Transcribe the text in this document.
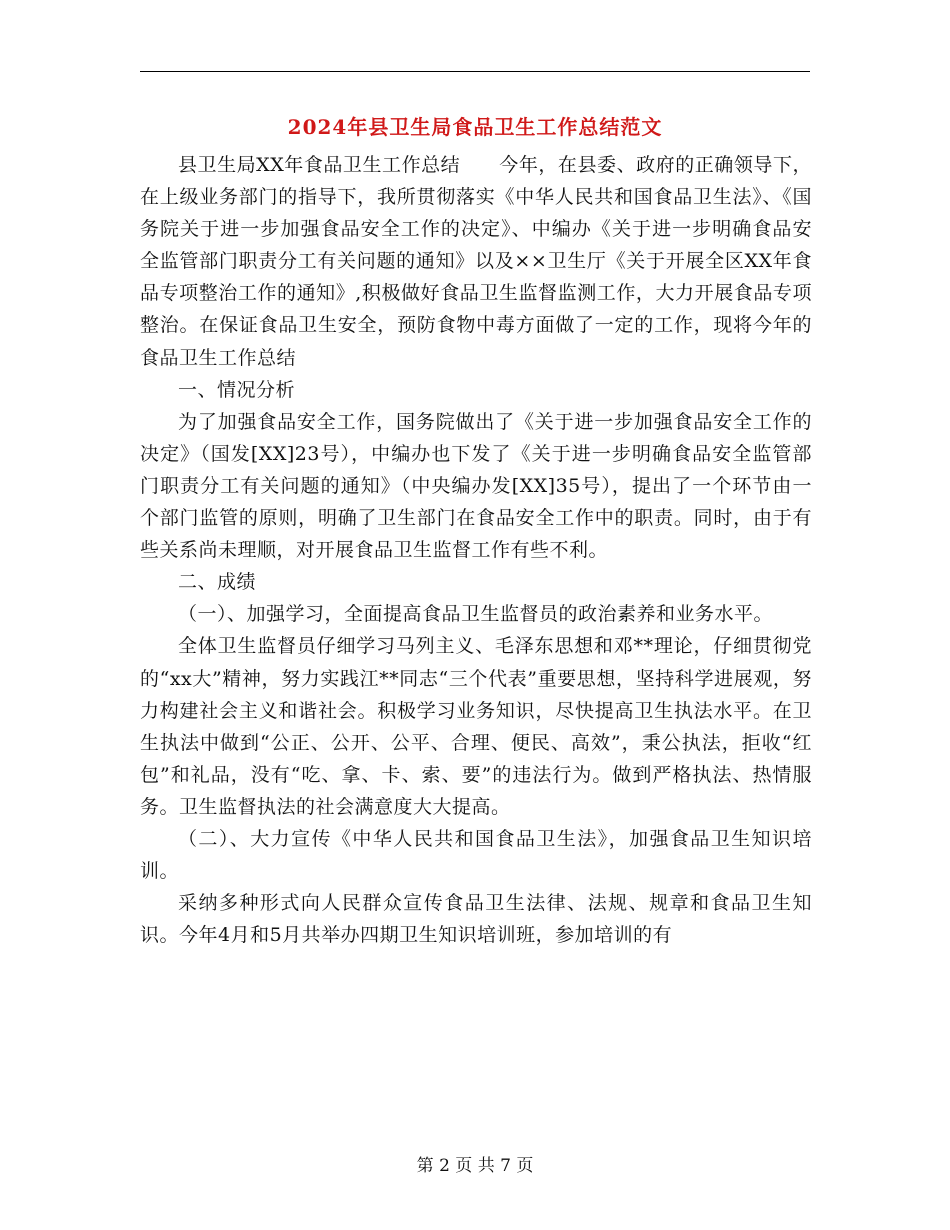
2024年县卫生局食品卫生工作总结范文

县卫生局XX年食品卫生工作总结　　今年，在县委、政府的正确领导下，在上级业务部门的指导下，我所贯彻落实《中华人民共和国食品卫生法》、《国务院关于进一步加强食品安全工作的决定》、中编办《关于进一步明确食品安全监管部门职责分工有关问题的通知》以及××卫生厅《关于开展全区XX年食品专项整治工作的通知》,积极做好食品卫生监督监测工作，大力开展食品专项整治。在保证食品卫生安全，预防食物中毒方面做了一定的工作，现将今年的食品卫生工作总结

一、情况分析

为了加强食品安全工作，国务院做出了《关于进一步加强食品安全工作的决定》（国发[XX]23号），中编办也下发了《关于进一步明确食品安全监管部门职责分工有关问题的通知》（中央编办发[XX]35号），提出了一个环节由一个部门监管的原则，明确了卫生部门在食品安全工作中的职责。同时，由于有些关系尚未理顺，对开展食品卫生监督工作有些不利。

二、成绩

（一）、加强学习，全面提高食品卫生监督员的政治素养和业务水平。

全体卫生监督员仔细学习马列主义、毛泽东思想和邓**理论，仔细贯彻党的“xx大”精神，努力实践江**同志“三个代表”重要思想，坚持科学进展观，努力构建社会主义和谐社会。积极学习业务知识，尽快提高卫生执法水平。在卫生执法中做到“公正、公开、公平、合理、便民、高效”，秉公执法，拒收“红包”和礼品，没有“吃、拿、卡、索、要”的违法行为。做到严格执法、热情服务。卫生监督执法的社会满意度大大提高。

（二）、大力宣传《中华人民共和国食品卫生法》，加强食品卫生知识培训。

采纳多种形式向人民群众宣传食品卫生法律、法规、规章和食品卫生知识。今年4月和5月共举办四期卫生知识培训班，参加培训的有

第 2 页 共 7 页
